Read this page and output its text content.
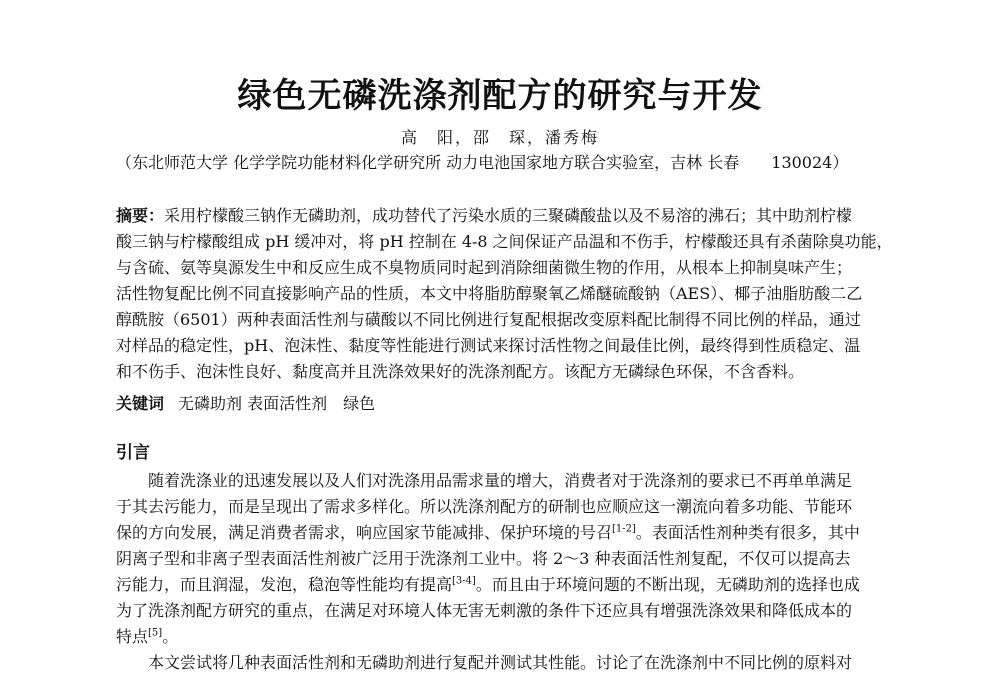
绿色无磷洗涤剂配方的研究与开发
高　阳，邵　琛，潘秀梅
（东北师范大学 化学学院功能材料化学研究所 动力电池国家地方联合实验室，吉林 长春　　130024）
摘要：采用柠檬酸三钠作无磷助剂，成功替代了污染水质的三聚磷酸盐以及不易溶的沸石；其中助剂柠檬
酸三钠与柠檬酸组成 pH 缓冲对，将 pH 控制在 4-8 之间保证产品温和不伤手，柠檬酸还具有杀菌除臭功能，
与含硫、氨等臭源发生中和反应生成不臭物质同时起到消除细菌微生物的作用，从根本上抑制臭味产生；
活性物复配比例不同直接影响产品的性质，本文中将脂肪醇聚氧乙烯醚硫酸钠（AES）、椰子油脂肪酸二乙
醇酰胺（6501）两种表面活性剂与磺酸以不同比例进行复配根据改变原料配比制得不同比例的样品，通过
对样品的稳定性，pH、泡沫性、黏度等性能进行测试来探讨活性物之间最佳比例，最终得到性质稳定、温
和不伤手、泡沫性良好、黏度高并且洗涤效果好的洗涤剂配方。该配方无磷绿色环保，不含香料。
关键词 无磷助剂 表面活性剂　绿色
引言
随着洗涤业的迅速发展以及人们对洗涤用品需求量的增大，消费者对于洗涤剂的要求已不再单单满足
于其去污能力，而是呈现出了需求多样化。所以洗涤剂配方的研制也应顺应这一潮流向着多功能、节能环
保的方向发展，满足消费者需求，响应国家节能减排、保护环境的号召[1-2]。表面活性剂种类有很多，其中
阴离子型和非离子型表面活性剂被广泛用于洗涤剂工业中。将 2～3 种表面活性剂复配，不仅可以提高去
污能力，而且润湿，发泡，稳泡等性能均有提高[3-4]。而且由于环境问题的不断出现，无磷助剂的选择也成
为了洗涤剂配方研究的重点，在满足对环境人体无害无刺激的条件下还应具有增强洗涤效果和降低成本的
特点[5]。
本文尝试将几种表面活性剂和无磷助剂进行复配并测试其性能。讨论了在洗涤剂中不同比例的原料对
